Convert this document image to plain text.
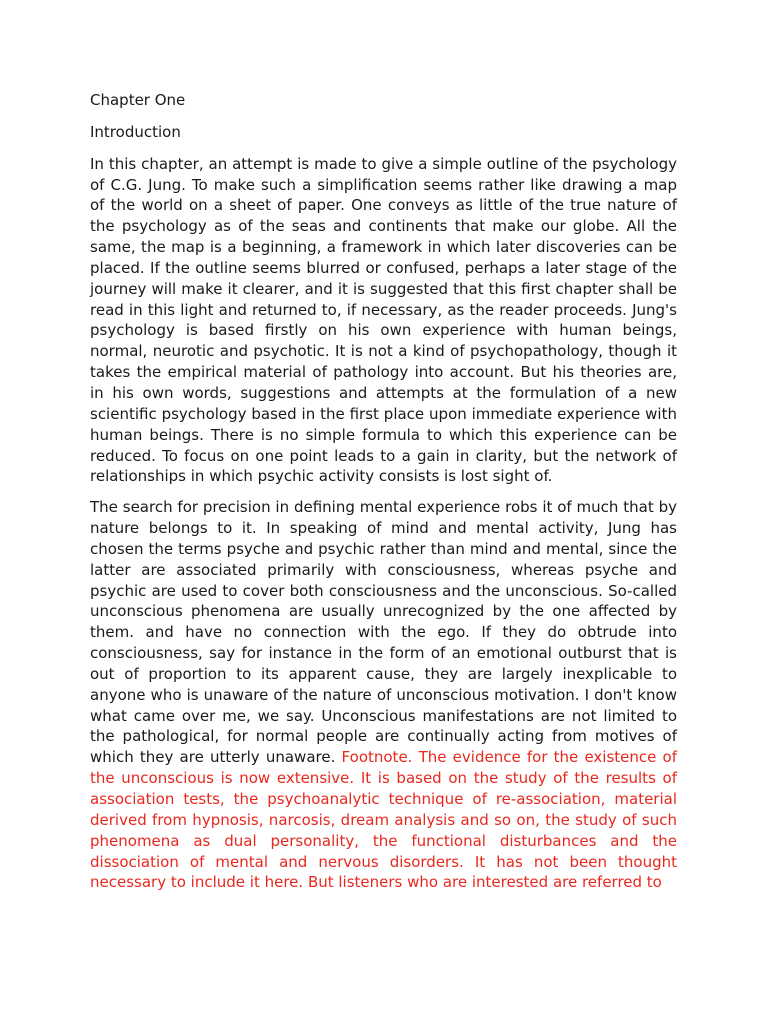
Chapter One

Introduction

In this chapter, an attempt is made to give a simple outline of the psychology of C.G. Jung. To make such a simplification seems rather like drawing a map of the world on a sheet of paper. One conveys as little of the true nature of the psychology as of the seas and continents that make our globe. All the same, the map is a beginning, a framework in which later discoveries can be placed. If the outline seems blurred or confused, perhaps a later stage of the journey will make it clearer, and it is suggested that this first chapter shall be read in this light and returned to, if necessary, as the reader proceeds. Jung's psychology is based firstly on his own experience with human beings, normal, neurotic and psychotic. It is not a kind of psychopathology, though it takes the empirical material of pathology into account. But his theories are, in his own words, suggestions and attempts at the formulation of a new scientific psychology based in the first place upon immediate experience with human beings. There is no simple formula to which this experience can be reduced. To focus on one point leads to a gain in clarity, but the network of relationships in which psychic activity consists is lost sight of.

The search for precision in defining mental experience robs it of much that by nature belongs to it. In speaking of mind and mental activity, Jung has chosen the terms psyche and psychic rather than mind and mental, since the latter are associated primarily with consciousness, whereas psyche and psychic are used to cover both consciousness and the unconscious. So-called unconscious phenomena are usually unrecognized by the one affected by them. and have no connection with the ego. If they do obtrude into consciousness, say for instance in the form of an emotional outburst that is out of proportion to its apparent cause, they are largely inexplicable to anyone who is unaware of the nature of unconscious motivation. I don't know what came over me, we say. Unconscious manifestations are not limited to the pathological, for normal people are continually acting from motives of which they are utterly unaware. Footnote. The evidence for the existence of the unconscious is now extensive. It is based on the study of the results of association tests, the psychoanalytic technique of re-association, material derived from hypnosis, narcosis, dream analysis and so on, the study of such phenomena as dual personality, the functional disturbances and the dissociation of mental and nervous disorders. It has not been thought necessary to include it here. But listeners who are interested are referred to
